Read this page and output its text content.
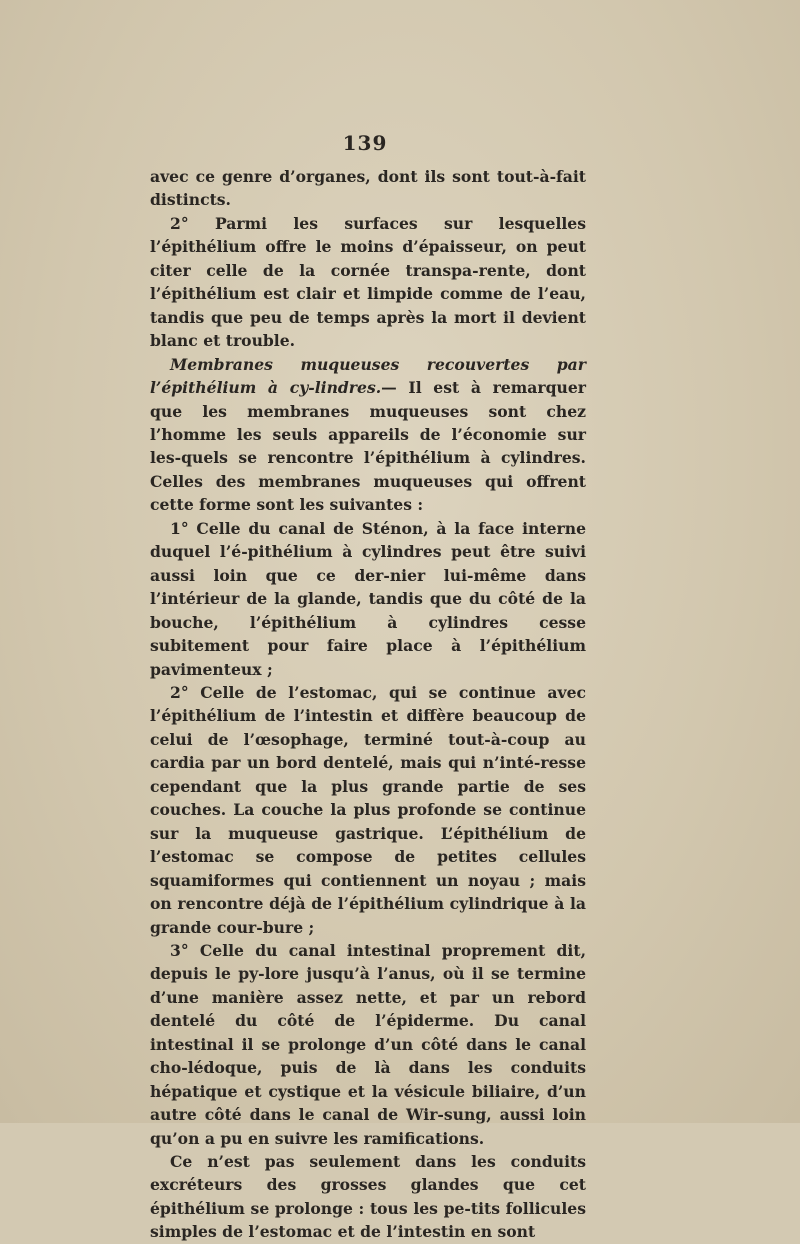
139

avec ce genre d’organes, dont ils sont tout-à-fait distincts.

2° Parmi les surfaces sur lesquelles l’épithélium offre le moins d’épaisseur, on peut citer celle de la cornée transpa-rente, dont l’épithélium est clair et limpide comme de l’eau, tandis que peu de temps après la mort il devient blanc et trouble.

Membranes muqueuses recouvertes par l’épithélium à cy-lindres.— Il est à remarquer que les membranes muqueuses sont chez l’homme les seuls appareils de l’économie sur les-quels se rencontre l’épithélium à cylindres. Celles des membranes muqueuses qui offrent cette forme sont les suivantes :

1° Celle du canal de Sténon, à la face interne duquel l’é-pithélium à cylindres peut être suivi aussi loin que ce der-nier lui-même dans l’intérieur de la glande, tandis que du côté de la bouche, l’épithélium à cylindres cesse subitement pour faire place à l’épithélium pavimenteux ;

2° Celle de l’estomac, qui se continue avec l’épithélium de l’intestin et diffère beaucoup de celui de l’œsophage, terminé tout-à-coup au cardia par un bord dentelé, mais qui n’inté-resse cependant que la plus grande partie de ses couches. La couche la plus profonde se continue sur la muqueuse gastrique. L’épithélium de l’estomac se compose de petites cellules squamiformes qui contiennent un noyau ; mais on rencontre déjà de l’épithélium cylindrique à la grande cour-bure ;

3° Celle du canal intestinal proprement dit, depuis le py-lore jusqu’à l’anus, où il se termine d’une manière assez nette, et par un rebord dentelé du côté de l’épiderme. Du canal intestinal il se prolonge d’un côté dans le canal cho-lédoque, puis de là dans les conduits hépatique et cystique et la vésicule biliaire, d’un autre côté dans le canal de Wir-sung, aussi loin qu’on a pu en suivre les ramifications.

Ce n’est pas seulement dans les conduits excréteurs des grosses glandes que cet épithélium se prolonge : tous les pe-tits follicules simples de l’estomac et de l’intestin en sont
